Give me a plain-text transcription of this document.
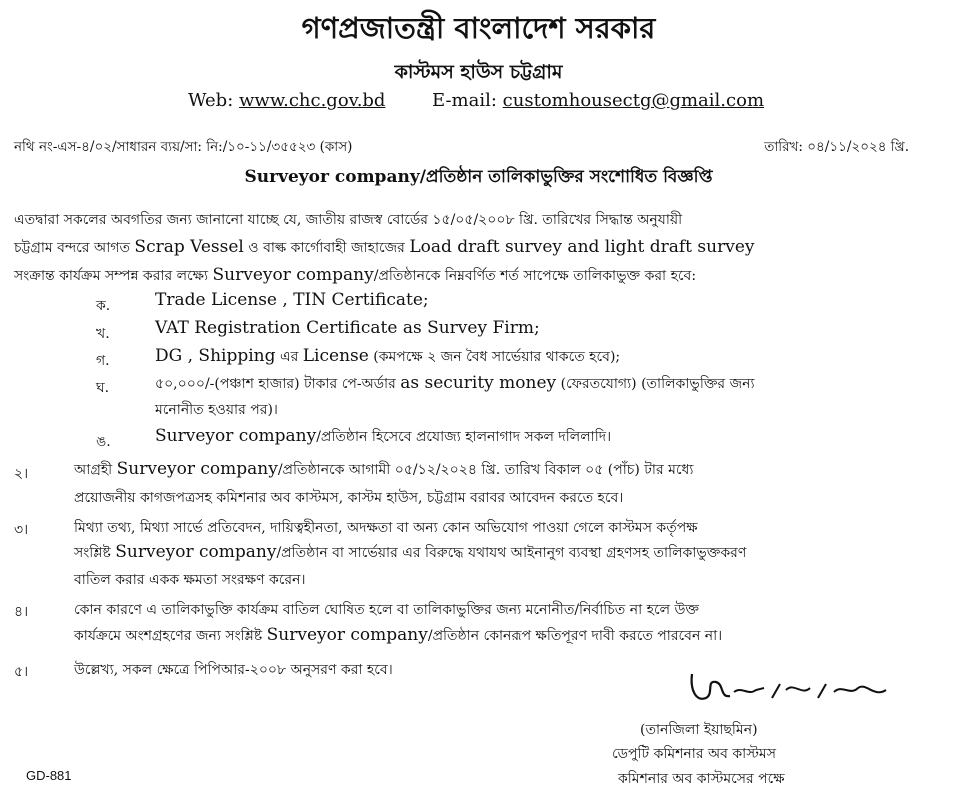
গণপ্রজাতন্ত্রী বাংলাদেশ সরকার
কাস্টমস হাউস চট্টগ্রাম
Web: www.chc.gov.bd	E-mail: customhousectg@gmail.com
নথি নং-এস-৪/০২/সাধারন ব্যয়/সা: নি:/১০-১১/৩৫৫২৩ (কাস)	তারিখ: ০৪/১১/২০২৪ খ্রি.
Surveyor company/প্রতিষ্ঠান তালিকাভুক্তির সংশোধিত বিজ্ঞপ্তি
এতদ্বারা সকলের অবগতির জন্য জানানো যাচ্ছে যে, জাতীয় রাজস্ব বোর্ডের ১৫/০৫/২০০৮ খ্রি. তারিখের সিদ্ধান্ত অনুযায়ী
চট্টগ্রাম বন্দরে আগত Scrap Vessel ও বাল্ক কার্গোবাহী জাহাজের Load draft survey and light draft survey
সংক্রান্ত কার্যক্রম সম্পন্ন করার লক্ষ্যে Surveyor company/প্রতিষ্ঠানকে নিম্নবর্ণিত শর্ত সাপেক্ষে তালিকাভুক্ত করা হবে:
ক.	Trade License , TIN Certificate;
খ.	VAT Registration Certificate as Survey Firm;
গ.	DG , Shipping এর License (কমপক্ষে ২ জন বৈধ সার্ভেয়ার থাকতে হবে);
ঘ.	৫০,০০০/-(পঞ্চাশ হাজার) টাকার পে-অর্ডার as security money (ফেরতযোগ্য) (তালিকাভুক্তির জন্য
মনোনীত হওয়ার পর)।
ঙ.	Surveyor company/প্রতিষ্ঠান হিসেবে প্রযোজ্য হালনাগাদ সকল দলিলাদি।
২।	আগ্রহী Surveyor company/প্রতিষ্ঠানকে আগামী ০৫/১২/২০২৪ খ্রি. তারিখ বিকাল ০৫ (পাঁচ) টার মধ্যে
প্রয়োজনীয় কাগজপত্রসহ কমিশনার অব কাস্টমস, কাস্টম হাউস, চট্টগ্রাম বরাবর আবেদন করতে হবে।
৩।	মিথ্যা তথ্য, মিথ্যা সার্ভে প্রতিবেদন, দায়িত্বহীনতা, অদক্ষতা বা অন্য কোন অভিযোগ পাওয়া গেলে কাস্টমস কর্তৃপক্ষ
সংশ্লিষ্ট Surveyor company/প্রতিষ্ঠান বা সার্ভেয়ার এর বিরুদ্ধে যথাযথ আইনানুগ ব্যবস্থা গ্রহণসহ তালিকাভুক্তকরণ
বাতিল করার একক ক্ষমতা সংরক্ষণ করেন।
৪।	কোন কারণে এ তালিকাভুক্তি কার্যক্রম বাতিল ঘোষিত হলে বা তালিকাভুক্তির জন্য মনোনীত/নির্বাচিত না হলে উক্ত
কার্যক্রমে অংশগ্রহণের জন্য সংশ্লিষ্ট Surveyor company/প্রতিষ্ঠান কোনরূপ ক্ষতিপূরণ দাবী করতে পারবেন না।
৫।	উল্লেখ্য, সকল ক্ষেত্রে পিপিআর-২০০৮ অনুসরণ করা হবে।
(তানজিলা ইয়াছমিন)
ডেপুটি কমিশনার অব কাস্টমস
কমিশনার অব কাস্টমসের পক্ষে
GD-881
